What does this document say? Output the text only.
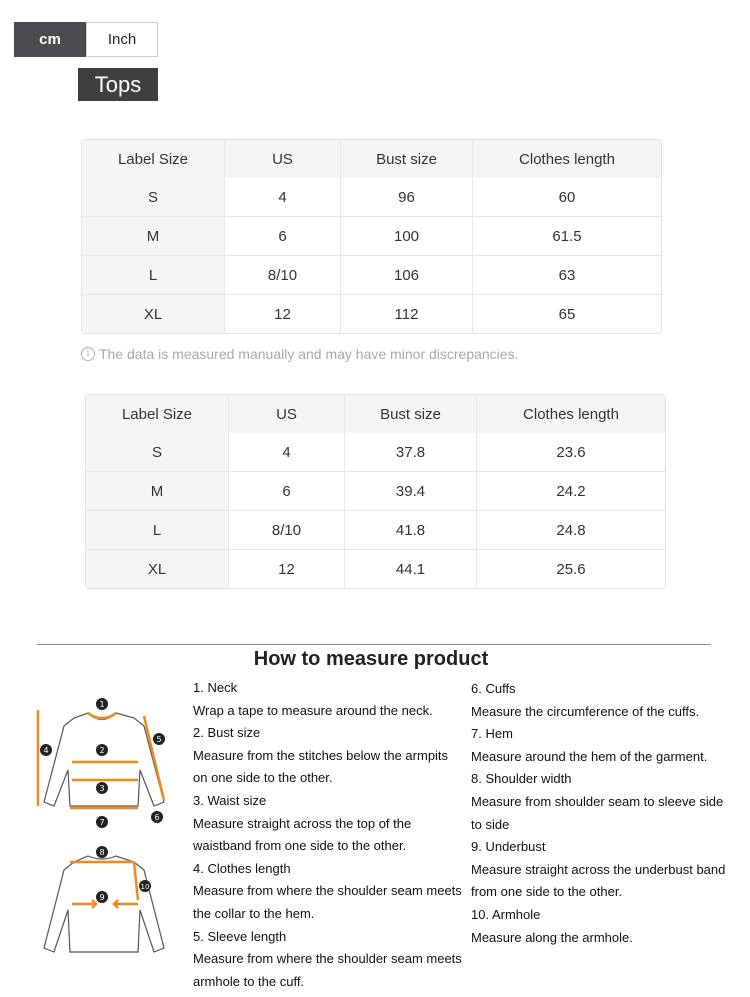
cm	Inch
Tops
Label Size	US	Bust size	Clothes length
S	4	96	60
M	6	100	61.5
L	8/10	106	63
XL	12	112	65
i The data is measured manually and may have minor discrepancies.
Label Size	US	Bust size	Clothes length
S	4	37.8	23.6
M	6	39.4	24.2
L	8/10	41.8	24.8
XL	12	44.1	25.6
How to measure product
1
2
3
4
5
6
7
8
9
10
1. Neck
Wrap a tape to measure around the neck.
2. Bust size
Measure from the stitches below the armpits
on one side to the other.
3. Waist size
Measure straight across the top of the
waistband from one side to the other.
4. Clothes length
Measure from where the shoulder seam meets
the collar to the hem.
5. Sleeve length
Measure from where the shoulder seam meets
armhole to the cuff.
6. Cuffs
Measure the circumference of the cuffs.
7. Hem
Measure around the hem of the garment.
8. Shoulder width
Measure from shoulder seam to sleeve side
to side
9. Underbust
Measure straight across the underbust band
from one side to the other.
10. Armhole
Measure along the armhole.
